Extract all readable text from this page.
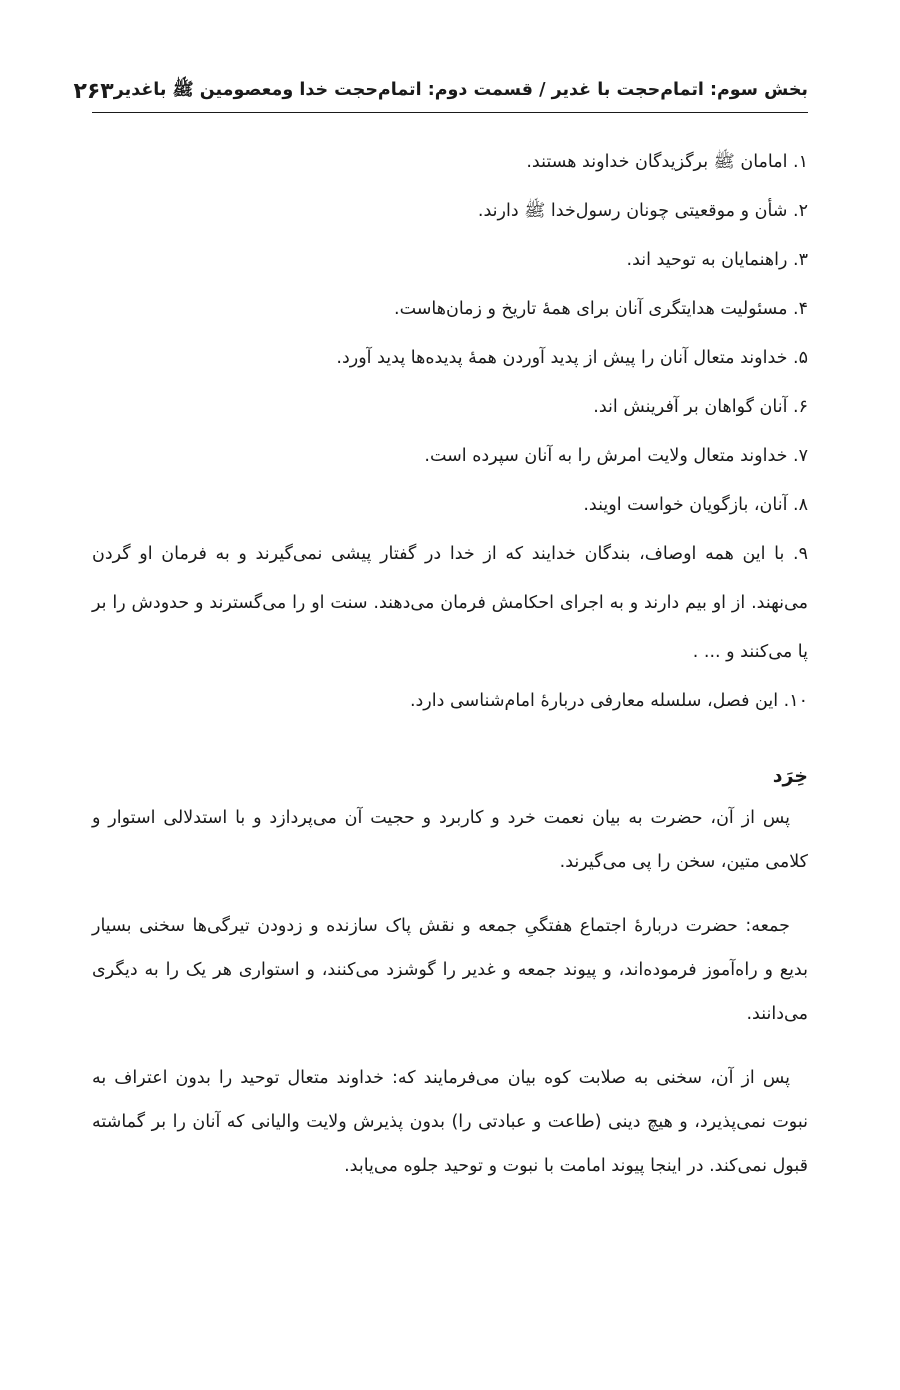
بخش سوم: اتمام‌حجت با غدیر / قسمت دوم: اتمام‌حجت خدا ومعصومین ﷺ باغدیر
۲۶۳

۱. امامان ﷺ برگزیدگان خداوند هستند.

۲. شأن و موقعیتی چونان رسول‌خدا ﷺ دارند.

۳. راهنمایان به توحید اند.

۴. مسئولیت هدایتگری آنان برای همهٔ تاریخ و زمان‌هاست.

۵. خداوند متعال آنان را پیش از پدید آوردن همهٔ پدیده‌ها پدید آورد.

۶. آنان گواهان بر آفرینش اند.

۷. خداوند متعال ولایت امرش را به آنان سپرده است.

۸. آنان، بازگویان خواست اویند.

۹. با این همه اوصاف، بندگان خدایند که از خدا در گفتار پیشی نمی‌گیرند و به فرمان او گردن می‌نهند. از او بیم دارند و به اجرای احکامش فرمان می‌دهند. سنت او را می‌گسترند و حدودش را بر پا می‌کنند و ... .

۱۰. این فصل، سلسله معارفی دربارهٔ امام‌شناسی دارد.

خِرَد

پس از آن، حضرت به بیان نعمت خرد و کاربرد و حجیت آن می‌پردازد و با استدلالی استوار و کلامی متین، سخن را پی می‌گیرند.

جمعه: حضرت دربارهٔ اجتماع هفتگیِ جمعه و نقش پاک سازنده و زدودن تیرگی‌ها سخنی بسیار بدیع و راه‌آموز فرموده‌اند، و پیوند جمعه و غدیر را گوشزد می‌کنند، و استواری هر یک را به دیگری می‌دانند.

پس از آن، سخنی به صلابت کوه بیان می‌فرمایند که: خداوند متعال توحید را بدون اعتراف به نبوت نمی‌پذیرد، و هیچ دینی (طاعت و عبادتی را) بدون پذیرش ولایت والیانی که آنان را بر گماشته قبول نمی‌کند. در اینجا پیوند امامت با نبوت و توحید جلوه می‌یابد.
